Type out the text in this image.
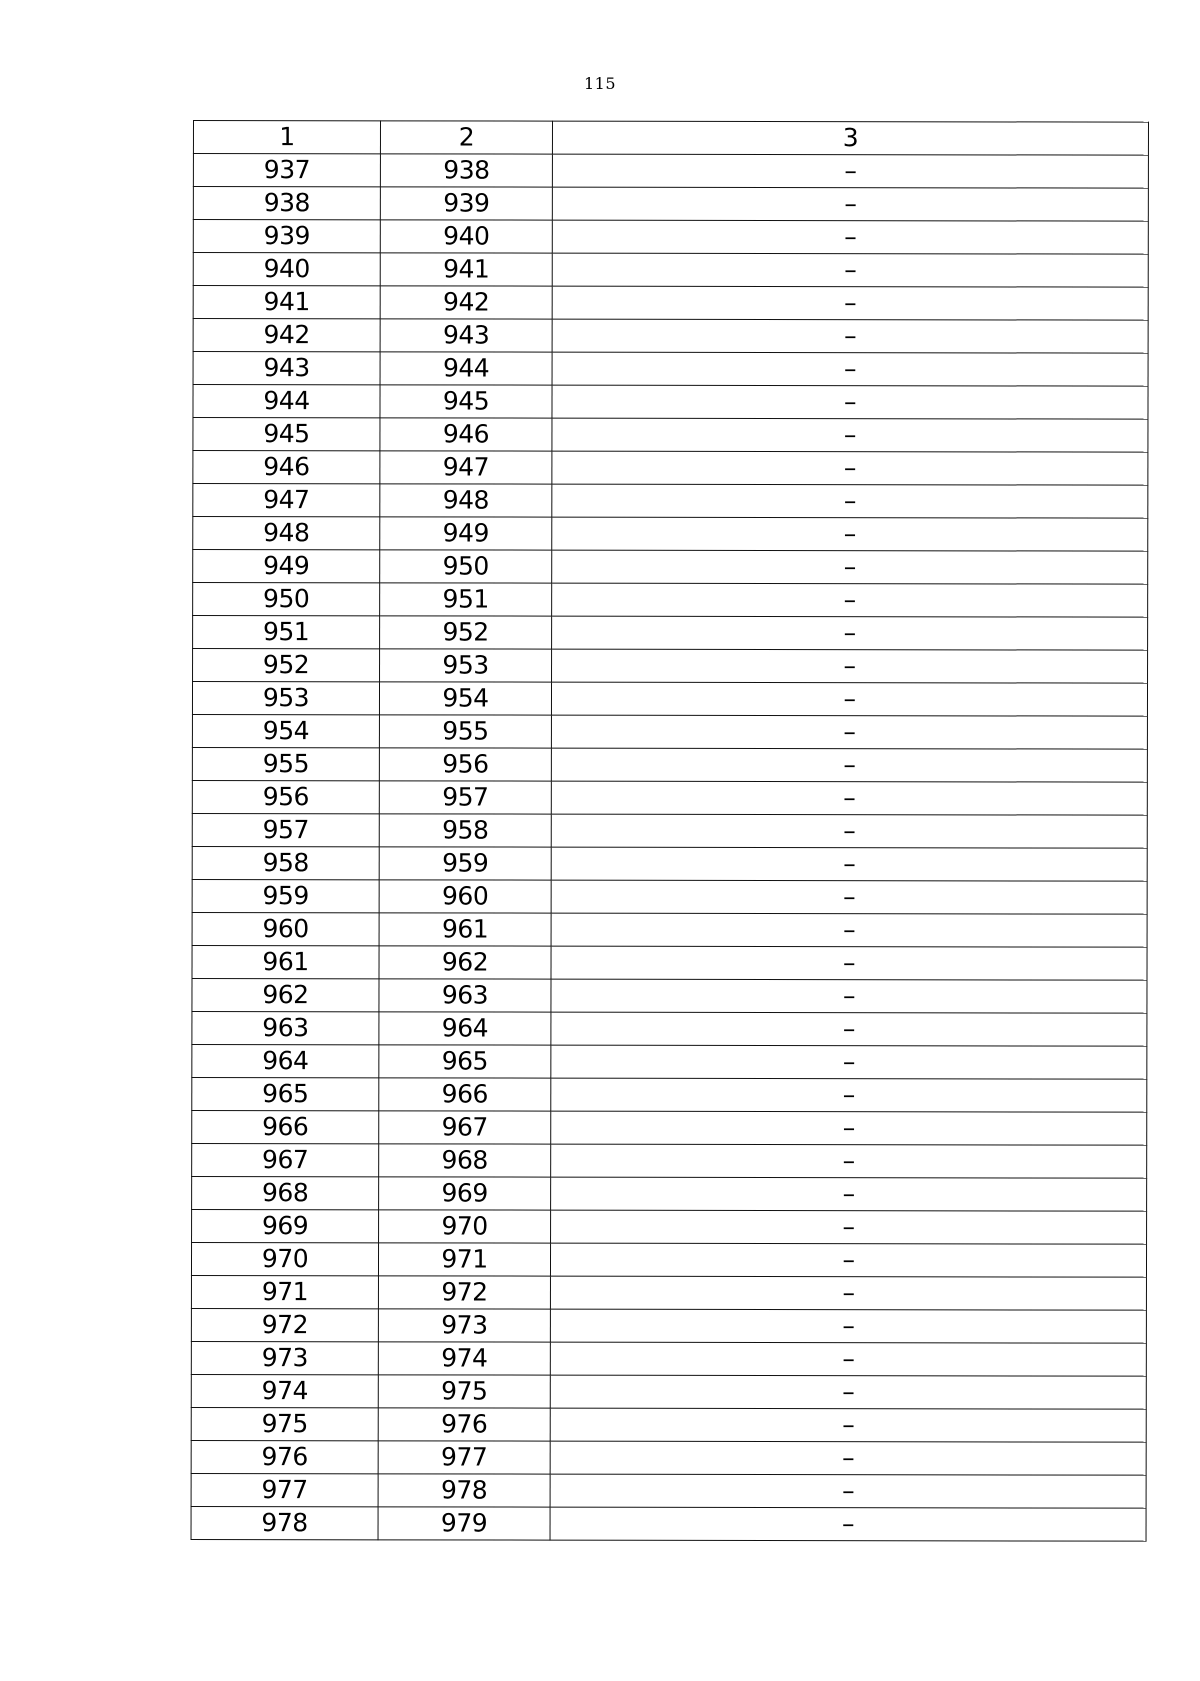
115
1	2	3
937	938	–
938	939	–
939	940	–
940	941	–
941	942	–
942	943	–
943	944	–
944	945	–
945	946	–
946	947	–
947	948	–
948	949	–
949	950	–
950	951	–
951	952	–
952	953	–
953	954	–
954	955	–
955	956	–
956	957	–
957	958	–
958	959	–
959	960	–
960	961	–
961	962	–
962	963	–
963	964	–
964	965	–
965	966	–
966	967	–
967	968	–
968	969	–
969	970	–
970	971	–
971	972	–
972	973	–
973	974	–
974	975	–
975	976	–
976	977	–
977	978	–
978	979	–
